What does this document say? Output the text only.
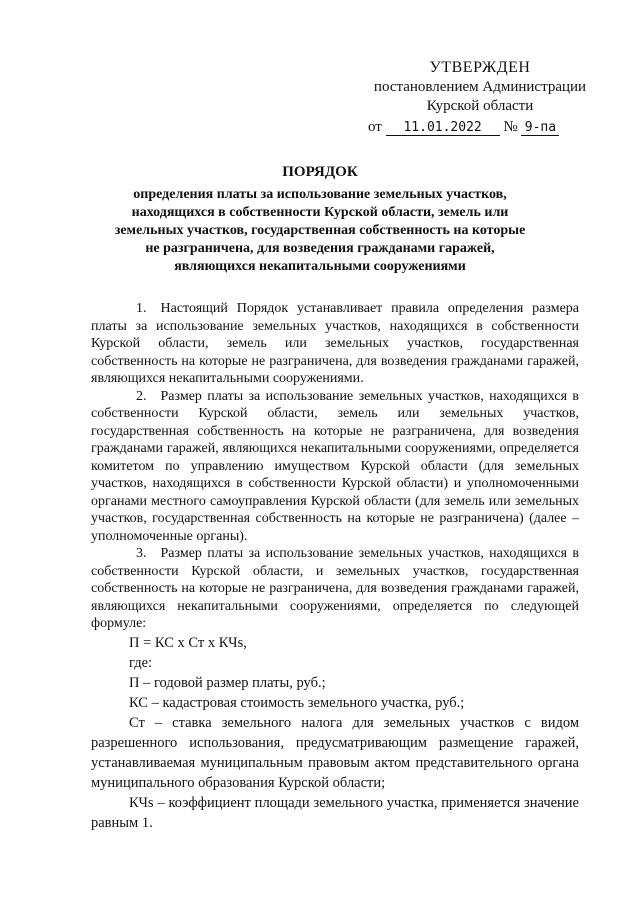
УТВЕРЖДЕН
постановлением Администрации
Курской области
от 11.01.2022 № 9-па
ПОРЯДОК
определения платы за использование земельных участков,
находящихся в собственности Курской области, земель или
земельных участков, государственная собственность на которые
не разграничена, для возведения гражданами гаражей,
являющихся некапитальными сооружениями

1. Настоящий Порядок устанавливает правила определения размера платы за использование земельных участков, находящихся в собственности Курской области, земель или земельных участков, государственная собственность на которые не разграничена, для возведения гражданами гаражей, являющихся некапитальными сооружениями.

2. Размер платы за использование земельных участков, находящихся в собственности Курской области, земель или земельных участков, государственная собственность на которые не разграничена, для возведения гражданами гаражей, являющихся некапитальными сооружениями, определяется комитетом по управлению имуществом Курской области (для земельных участков, находящихся в собственности Курской области) и уполномоченными органами местного самоуправления Курской области (для земель или земельных участков, государственная собственность на которые не разграничена) (далее – уполномоченные органы).

3. Размер платы за использование земельных участков, находящихся в собственности Курской области, и земельных участков, государственная собственность на которые не разграничена, для возведения гражданами гаражей, являющихся некапитальными сооружениями, определяется по следующей формуле:

П = КС х Ст х КЧs,
где:
П – годовой размер платы, руб.;
КС – кадастровая стоимость земельного участка, руб.;
Ст – ставка земельного налога для земельных участков с видом разрешенного использования, предусматривающим размещение гаражей, устанавливаемая муниципальным правовым актом представительного органа муниципального образования Курской области;
КЧs – коэффициент площади земельного участка, применяется значение равным 1.
